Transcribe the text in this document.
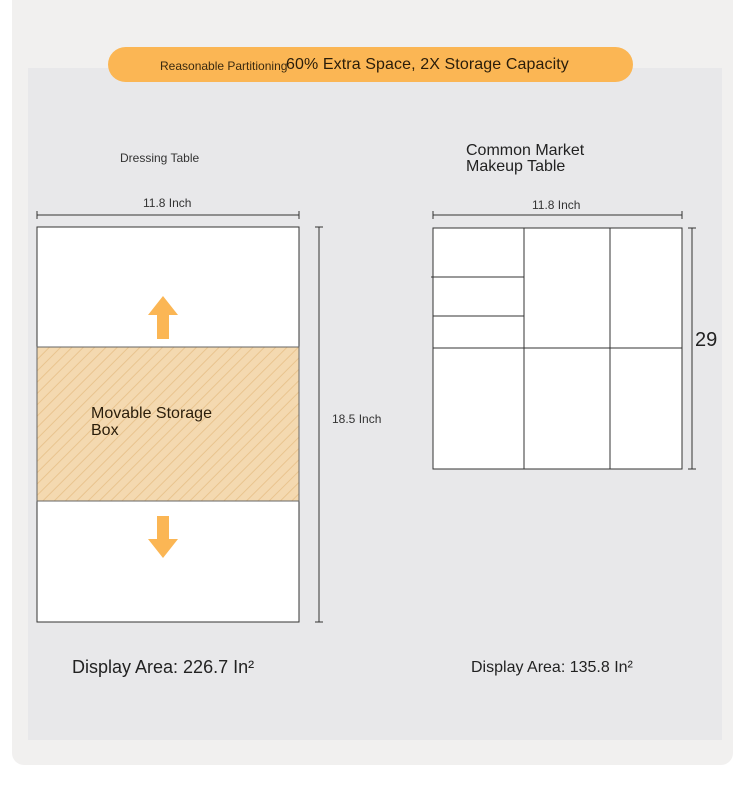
Reasonable Partitioning
60% Extra Space, 2X Storage Capacity
Dressing Table
11.8 Inch
18.5 Inch
Movable Storage
Box
Display Area: 226.7 In²
Common Market
Makeup Table
11.8 Inch
29
Display Area: 135.8 In²
